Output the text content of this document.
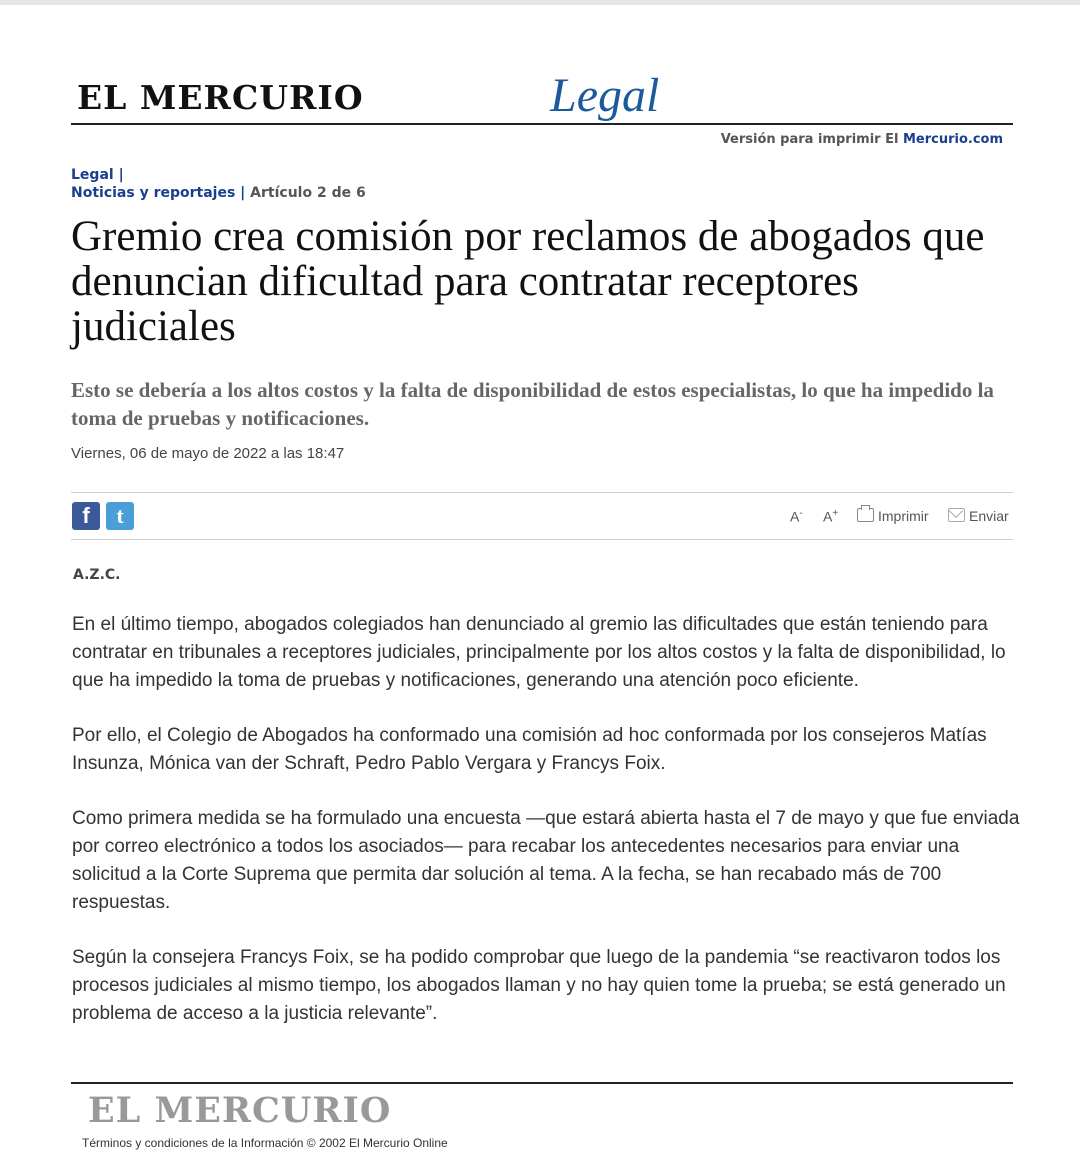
EL MERCURIO	Legal
Versión para imprimir El Mercurio.com
Legal |
Noticias y reportajes | Artículo 2 de 6
Gremio crea comisión por reclamos de abogados que denuncian dificultad para contratar receptores judiciales

Esto se debería a los altos costos y la falta de disponibilidad de estos especialistas, lo que ha impedido la toma de pruebas y notificaciones.

Viernes, 06 de mayo de 2022 a las 18:47
f	t	A- A+	Imprimir	Enviar
A.Z.C.

En el último tiempo, abogados colegiados han denunciado al gremio las dificultades que están teniendo para contratar en tribunales a receptores judiciales, principalmente por los altos costos y la falta de disponibilidad, lo que ha impedido la toma de pruebas y notificaciones, generando una atención poco eficiente.

Por ello, el Colegio de Abogados ha conformado una comisión ad hoc conformada por los consejeros Matías Insunza, Mónica van der Schraft, Pedro Pablo Vergara y Francys Foix.

Como primera medida se ha formulado una encuesta —que estará abierta hasta el 7 de mayo y que fue enviada por correo electrónico a todos los asociados— para recabar los antecedentes necesarios para enviar una solicitud a la Corte Suprema que permita dar solución al tema. A la fecha, se han recabado más de 700 respuestas.

Según la consejera Francys Foix, se ha podido comprobar que luego de la pandemia “se reactivaron todos los procesos judiciales al mismo tiempo, los abogados llaman y no hay quien tome la prueba; se está generado un problema de acceso a la justicia relevante”.

EL MERCURIO
Términos y condiciones de la Información © 2002 El Mercurio Online
